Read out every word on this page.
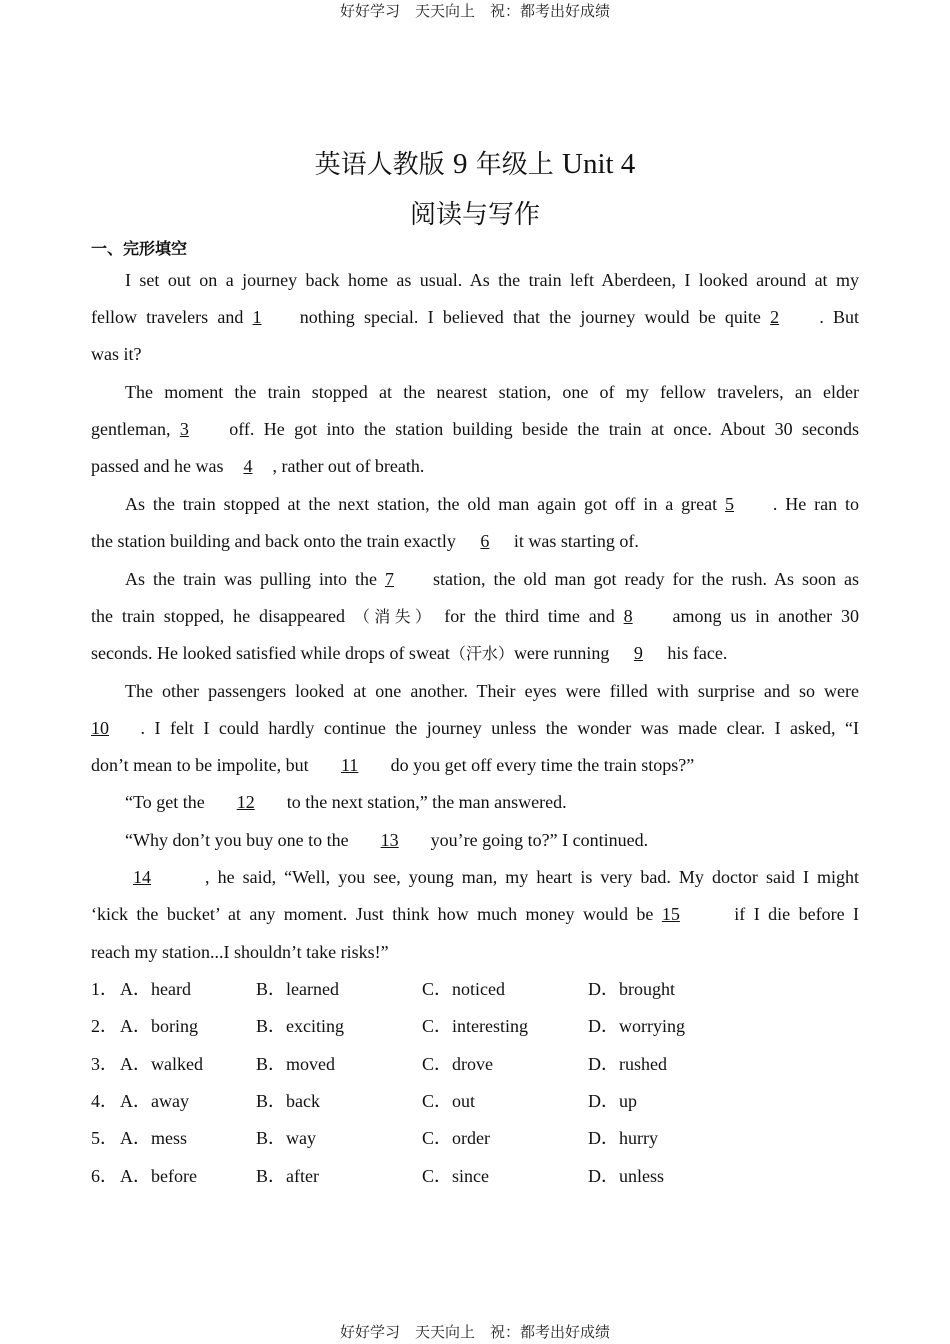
好好学习　天天向上　祝：都考出好成绩
英语人教版 9 年级上 Unit 4
阅读与写作
一、完形填空
I set out on a journey back home as usual. As the train left Aberdeen, I looked around at my
fellow travelers and 1 nothing special. I believed that the journey would be quite 2 . But
was it?
The moment the train stopped at the nearest station, one of my fellow travelers, an elder
gentleman, 3 off. He got into the station building beside the train at once. About 30 seconds
passed and he was 4 , rather out of breath.
As the train stopped at the next station, the old man again got off in a great 5 . He ran to
the station building and back onto the train exactly 6 it was starting of.
As the train was pulling into the 7 station, the old man got ready for the rush. As soon as
the train stopped, he disappeared （消失） for the third time and 8 among us in another 30
seconds. He looked satisfied while drops of sweat（汗水）were running 9 his face.
The other passengers looked at one another. Their eyes were filled with surprise and so were
10 . I felt I could hardly continue the journey unless the wonder was made clear. I asked, “I
don’t mean to be impolite, but 11 do you get off every time the train stops?”
“To get the 12 to the next station,” the man answered.
“Why don’t you buy one to the 13 you’re going to?” I continued.
14	, he said, “Well, you see, young man, my heart is very bad. My doctor said I might
‘kick the bucket’ at any moment. Just think how much money would be 15	if I die before I
reach my station...I shouldn’t take risks!”
1． A．heard	B．learned	C．noticed	D．brought
2． A．boring	B．exciting	C．interesting	D．worrying
3． A．walked	B．moved	C．drove	D．rushed
4． A．away	B．back	C．out	D．up
5． A．mess	B．way	C．order	D．hurry
6． A．before	B．after	C．since	D．unless
好好学习　天天向上　祝：都考出好成绩
